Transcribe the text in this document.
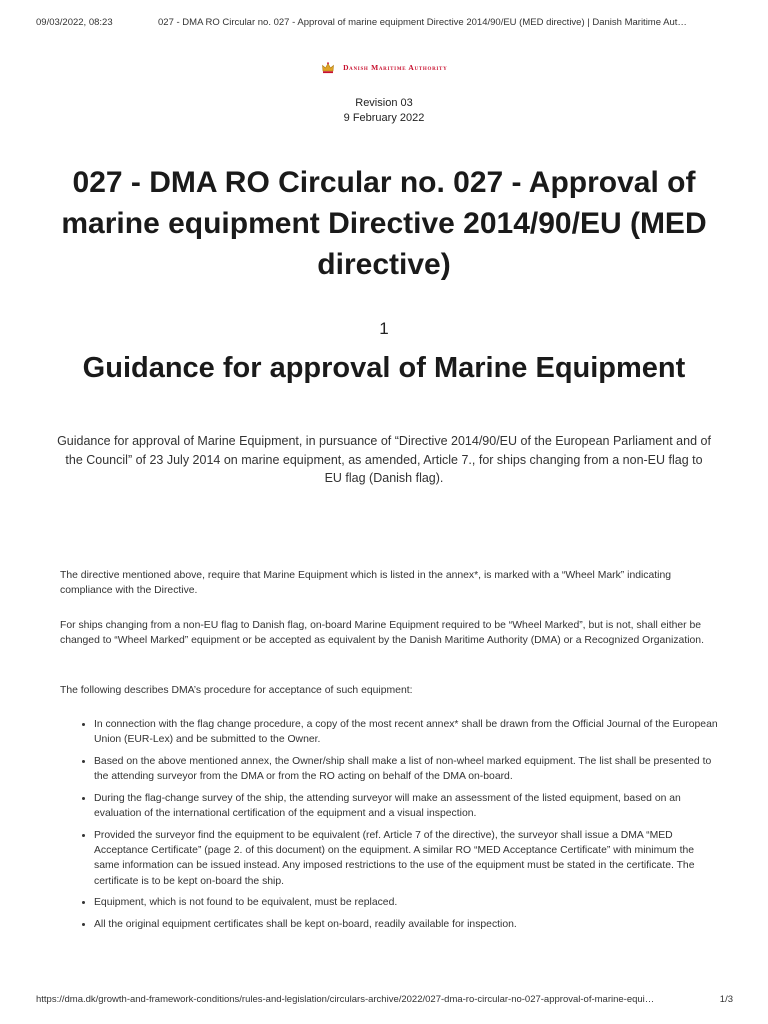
09/03/2022, 08:23	027 - DMA RO Circular no. 027 - Approval of marine equipment Directive 2014/90/EU (MED directive) | Danish Maritime Aut…
Danish Maritime Authority
Revision 03
9 February 2022
027 - DMA RO Circular no. 027 - Approval of marine equipment Directive 2014/90/EU (MED directive)
1
Guidance for approval of Marine Equipment

Guidance for approval of Marine Equipment, in pursuance of “Directive 2014/90/EU of the European Parliament and of the Council” of 23 July 2014 on marine equipment, as amended, Article 7., for ships changing from a non-EU flag to EU flag (Danish flag).

The directive mentioned above, require that Marine Equipment which is listed in the annex*, is marked with a “Wheel Mark” indicating compliance with the Directive.

For ships changing from a non-EU flag to Danish flag, on-board Marine Equipment required to be “Wheel Marked”, but is not, shall either be changed to “Wheel Marked” equipment or be accepted as equivalent by the Danish Maritime Authority (DMA) or a Recognized Organization.

The following describes DMA’s procedure for acceptance of such equipment:

• In connection with the flag change procedure, a copy of the most recent annex* shall be drawn from the Official Journal of the European Union (EUR-Lex) and be submitted to the Owner.
• Based on the above mentioned annex, the Owner/ship shall make a list of non-wheel marked equipment. The list shall be presented to the attending surveyor from the DMA or from the RO acting on behalf of the DMA on-board.
• During the flag-change survey of the ship, the attending surveyor will make an assessment of the listed equipment, based on an evaluation of the international certification of the equipment and a visual inspection.
• Provided the surveyor find the equipment to be equivalent (ref. Article 7 of the directive), the surveyor shall issue a DMA “MED Acceptance Certificate” (page 2. of this document) on the equipment. A similar RO “MED Acceptance Certificate” with minimum the same information can be issued instead. Any imposed restrictions to the use of the equipment must be stated in the certificate. The certificate is to be kept on-board the ship.
• Equipment, which is not found to be equivalent, must be replaced.
• All the original equipment certificates shall be kept on-board, readily available for inspection.
https://dma.dk/growth-and-framework-conditions/rules-and-legislation/circulars-archive/2022/027-dma-ro-circular-no-027-approval-of-marine-equi…	1/3
